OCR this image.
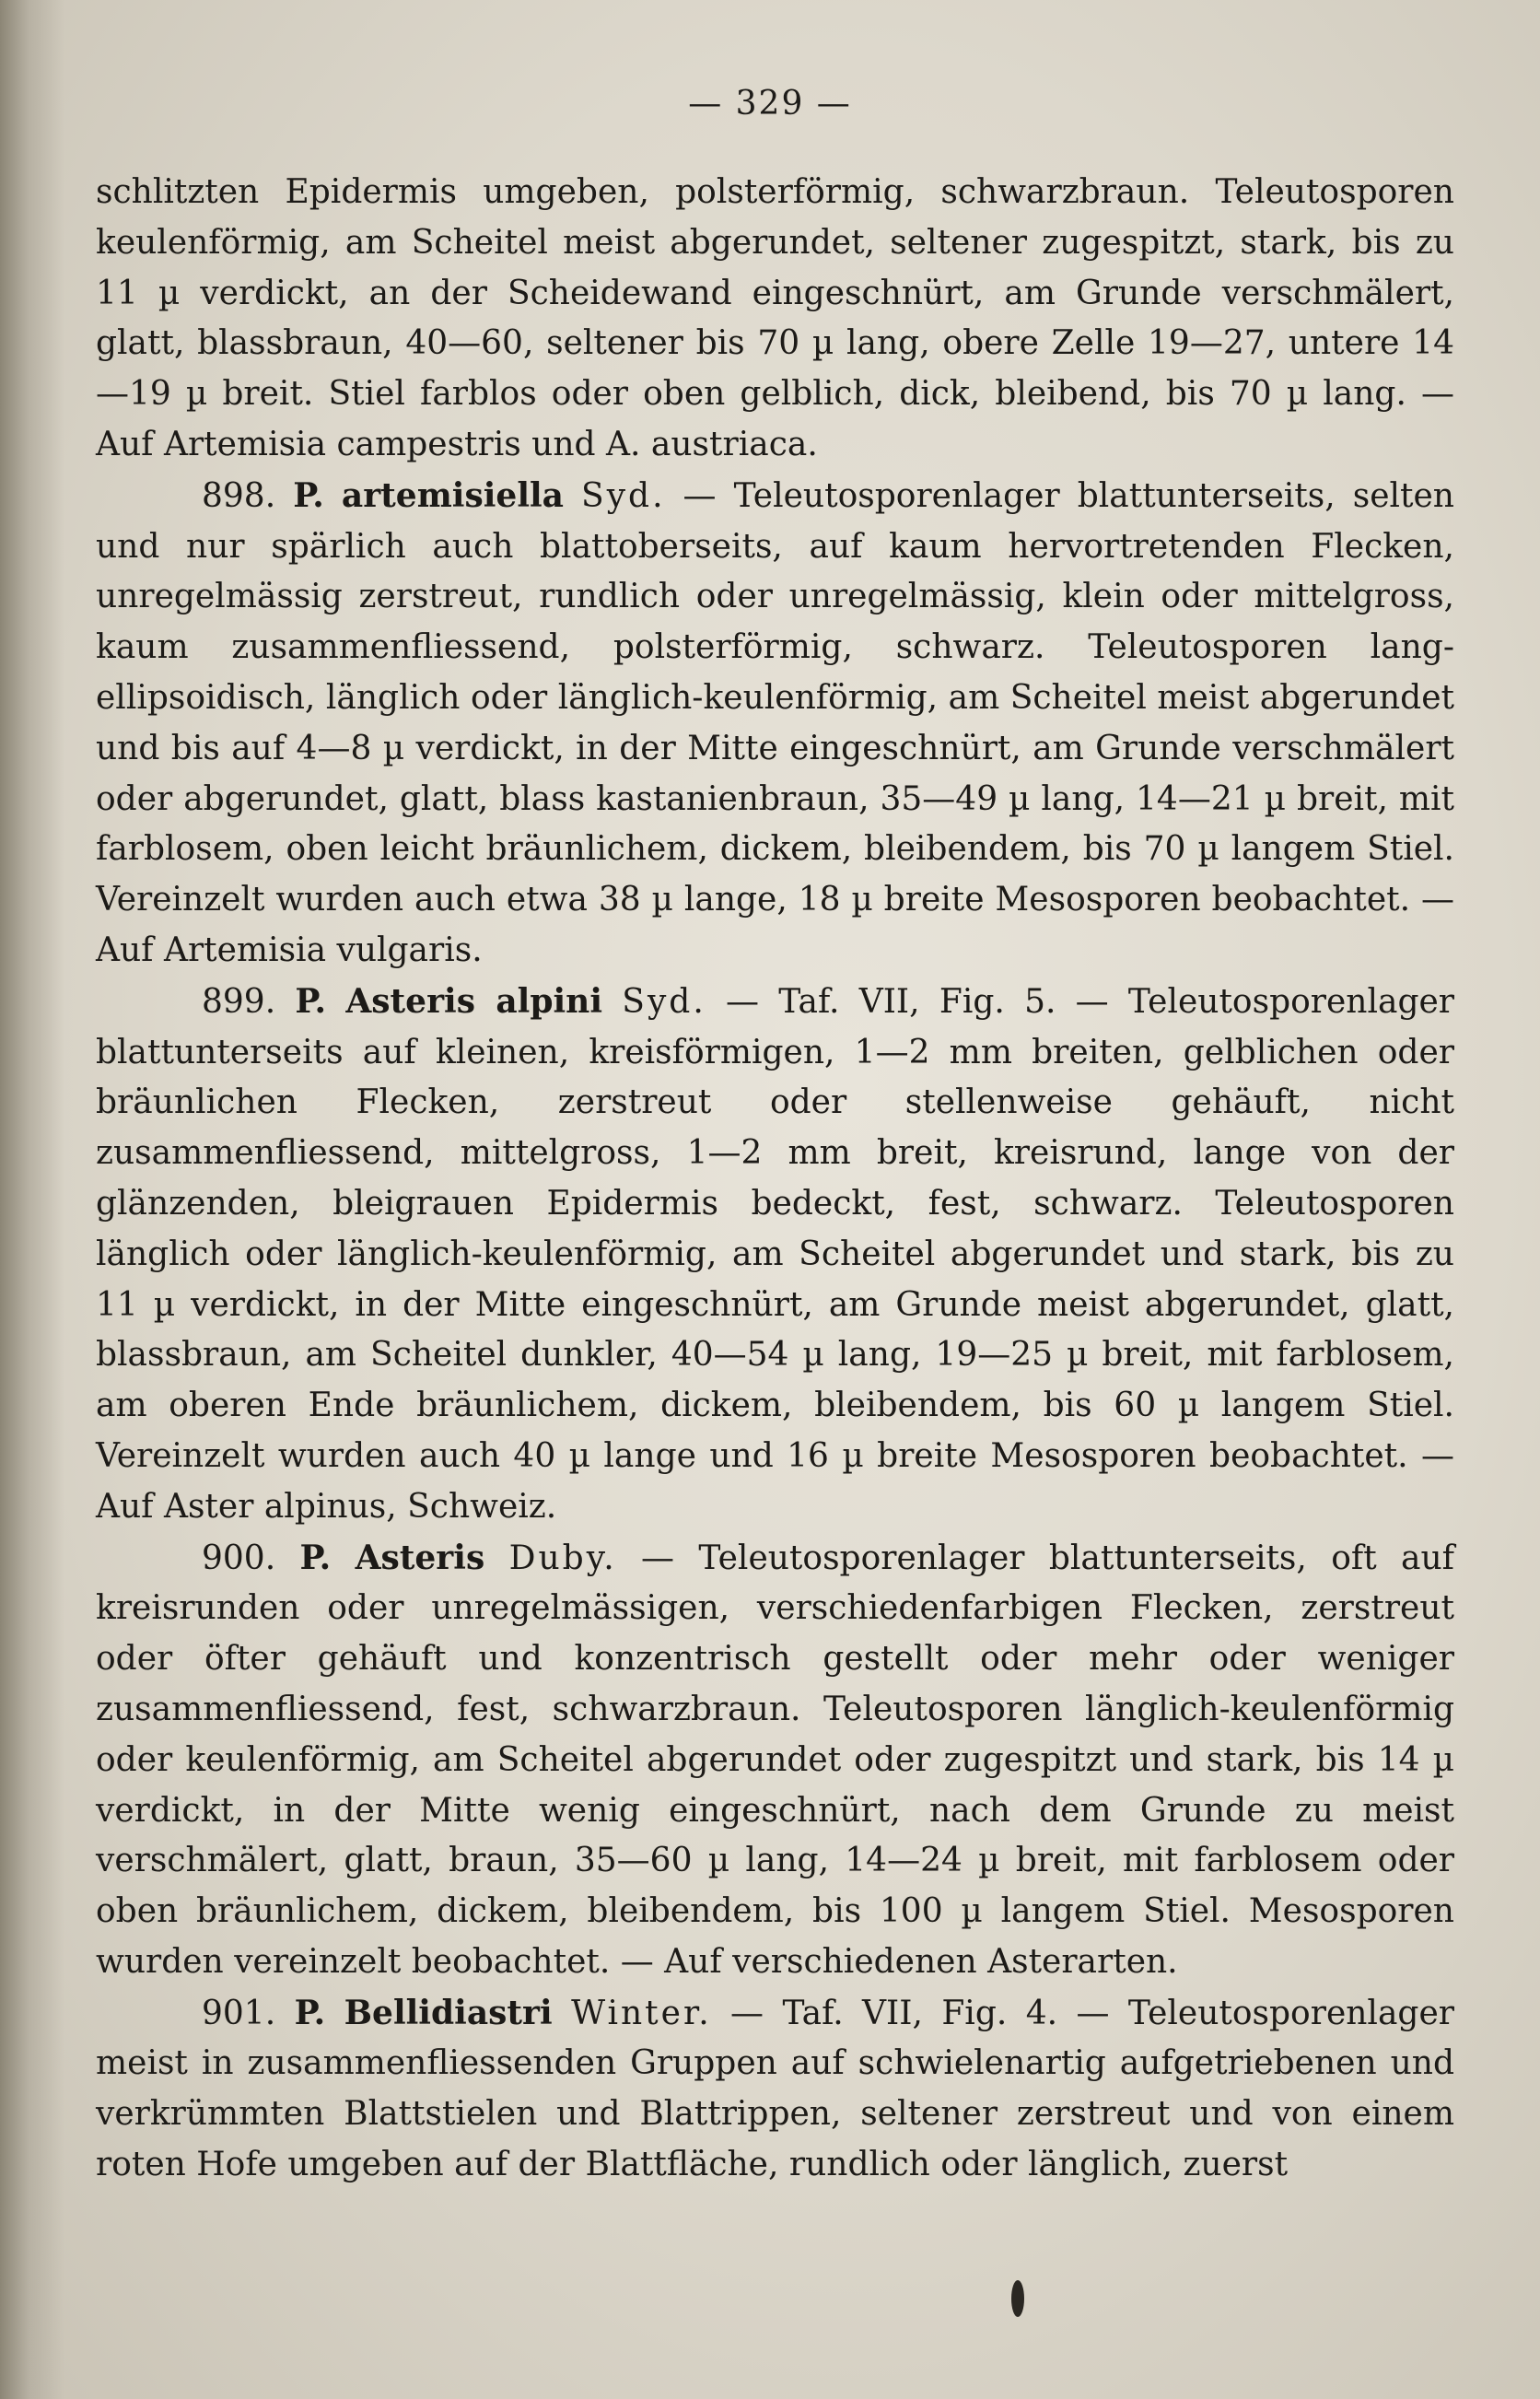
— 329 —

schlitzten Epidermis umgeben, polsterförmig, schwarzbraun. Teleutosporen keulenförmig, am Scheitel meist abgerundet, seltener zugespitzt, stark, bis zu 11 µ verdickt, an der Scheidewand eingeschnürt, am Grunde verschmälert, glatt, blassbraun, 40—60, seltener bis 70 µ lang, obere Zelle 19—27, untere 14—19 µ breit. Stiel farblos oder oben gelblich, dick, bleibend, bis 70 µ lang. — Auf Artemisia campestris und A. austriaca.

898. P. artemisiella Syd. — Teleutosporenlager blattunterseits, selten und nur spärlich auch blattoberseits, auf kaum hervortretenden Flecken, unregelmässig zerstreut, rundlich oder unregelmässig, klein oder mittelgross, kaum zusammenfliessend, polsterförmig, schwarz. Teleutosporen lang-ellipsoidisch, länglich oder länglich-keulenförmig, am Scheitel meist abgerundet und bis auf 4—8 µ verdickt, in der Mitte eingeschnürt, am Grunde verschmälert oder abgerundet, glatt, blass kastanienbraun, 35—49 µ lang, 14—21 µ breit, mit farblosem, oben leicht bräunlichem, dickem, bleibendem, bis 70 µ langem Stiel. Vereinzelt wurden auch etwa 38 µ lange, 18 µ breite Mesosporen beobachtet. — Auf Artemisia vulgaris.

899. P. Asteris alpini Syd. — Taf. VII, Fig. 5. — Teleutosporenlager blattunterseits auf kleinen, kreisförmigen, 1—2 mm breiten, gelblichen oder bräunlichen Flecken, zerstreut oder stellenweise gehäuft, nicht zusammenfliessend, mittelgross, 1—2 mm breit, kreisrund, lange von der glänzenden, bleigrauen Epidermis bedeckt, fest, schwarz. Teleutosporen länglich oder länglich-keulenförmig, am Scheitel abgerundet und stark, bis zu 11 µ verdickt, in der Mitte eingeschnürt, am Grunde meist abgerundet, glatt, blassbraun, am Scheitel dunkler, 40—54 µ lang, 19—25 µ breit, mit farblosem, am oberen Ende bräunlichem, dickem, bleibendem, bis 60 µ langem Stiel. Vereinzelt wurden auch 40 µ lange und 16 µ breite Mesosporen beobachtet. — Auf Aster alpinus, Schweiz.

900. P. Asteris Duby. — Teleutosporenlager blattunterseits, oft auf kreisrunden oder unregelmässigen, verschiedenfarbigen Flecken, zerstreut oder öfter gehäuft und konzentrisch gestellt oder mehr oder weniger zusammenfliessend, fest, schwarzbraun. Teleutosporen länglich-keulenförmig oder keulenförmig, am Scheitel abgerundet oder zugespitzt und stark, bis 14 µ verdickt, in der Mitte wenig eingeschnürt, nach dem Grunde zu meist verschmälert, glatt, braun, 35—60 µ lang, 14—24 µ breit, mit farblosem oder oben bräunlichem, dickem, bleibendem, bis 100 µ langem Stiel. Mesosporen wurden vereinzelt beobachtet. — Auf verschiedenen Asterarten.

901. P. Bellidiastri Winter. — Taf. VII, Fig. 4. — Teleutosporenlager meist in zusammenfliessenden Gruppen auf schwielenartig aufgetriebenen und verkrümmten Blattstielen und Blattrippen, seltener zerstreut und von einem roten Hofe umgeben auf der Blattfläche, rundlich oder länglich, zuerst
